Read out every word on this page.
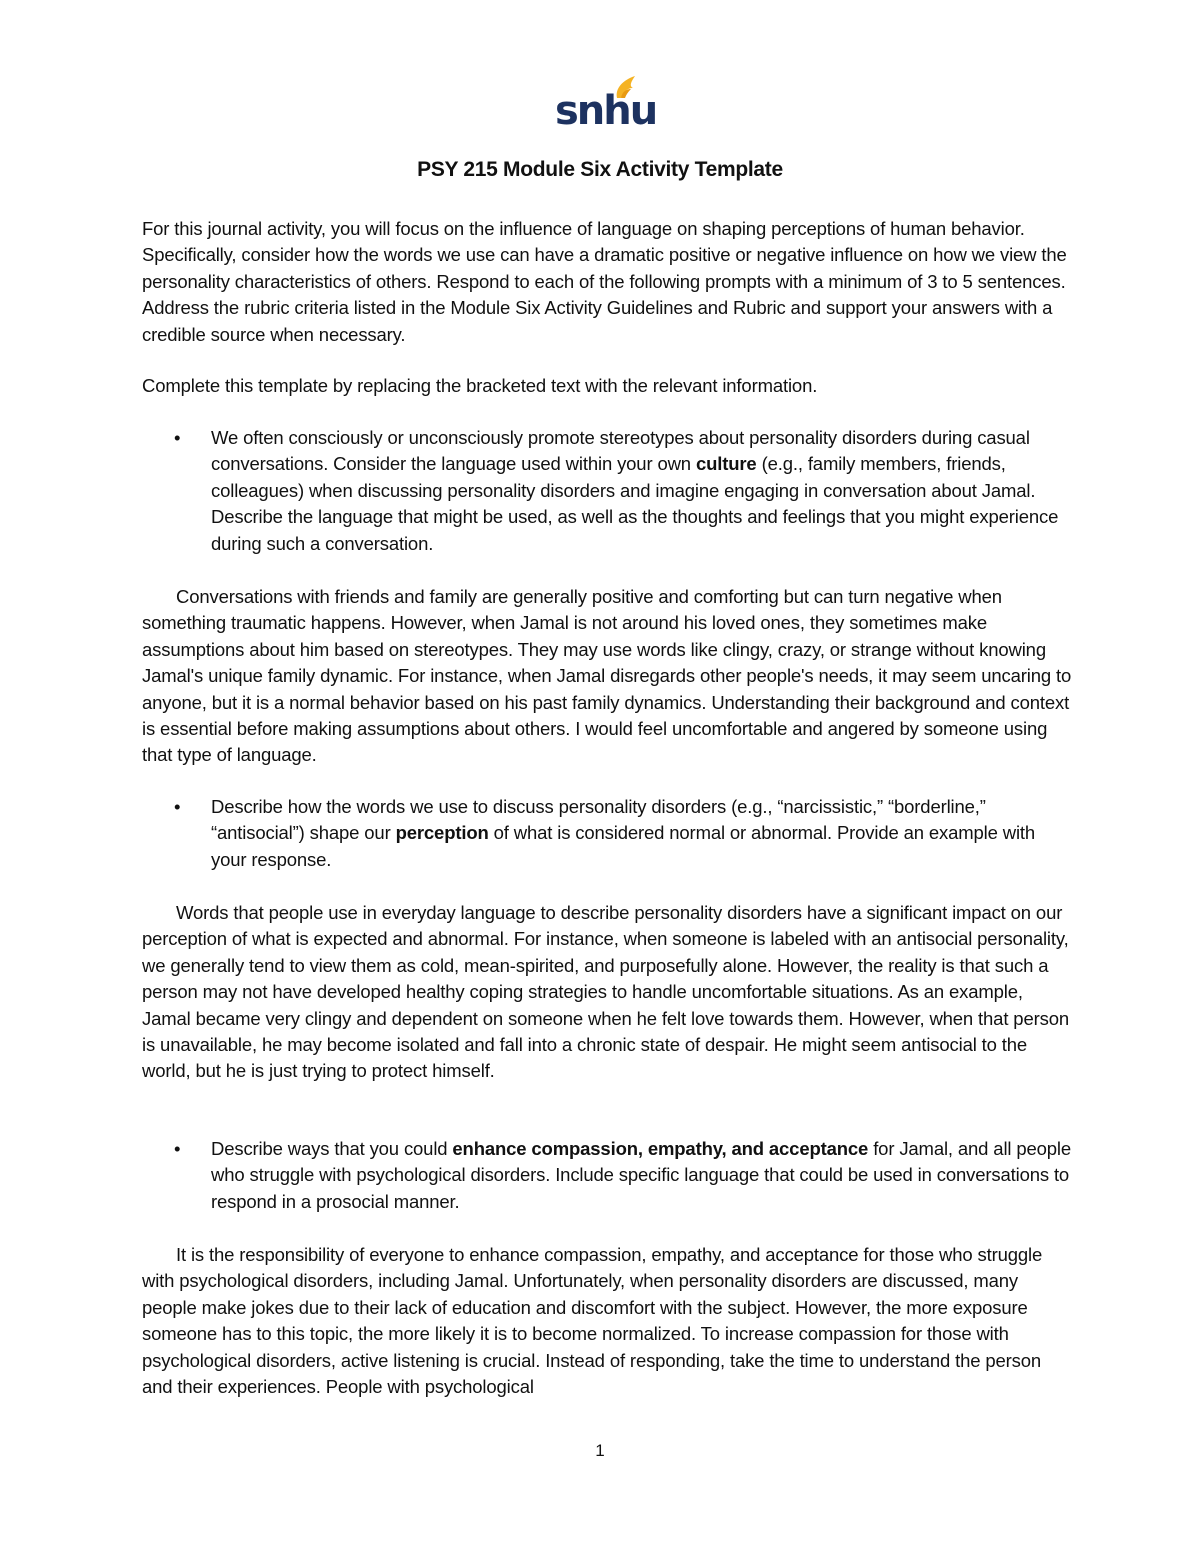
snhu
PSY 215 Module Six Activity Template

For this journal activity, you will focus on the influence of language on shaping perceptions of human behavior. Specifically, consider how the words we use can have a dramatic positive or negative influence on how we view the personality characteristics of others. Respond to each of the following prompts with a minimum of 3 to 5 sentences. Address the rubric criteria listed in the Module Six Activity Guidelines and Rubric and support your answers with a credible source when necessary.

Complete this template by replacing the bracketed text with the relevant information.

• We often consciously or unconsciously promote stereotypes about personality disorders during casual conversations. Consider the language used within your own culture (e.g., family members, friends, colleagues) when discussing personality disorders and imagine engaging in conversation about Jamal. Describe the language that might be used, as well as the thoughts and feelings that you might experience during such a conversation.

Conversations with friends and family are generally positive and comforting but can turn negative when something traumatic happens. However, when Jamal is not around his loved ones, they sometimes make assumptions about him based on stereotypes. They may use words like clingy, crazy, or strange without knowing Jamal's unique family dynamic. For instance, when Jamal disregards other people's needs, it may seem uncaring to anyone, but it is a normal behavior based on his past family dynamics. Understanding their background and context is essential before making assumptions about others. I would feel uncomfortable and angered by someone using that type of language.

• Describe how the words we use to discuss personality disorders (e.g., “narcissistic,” “borderline,” “antisocial”) shape our perception of what is considered normal or abnormal. Provide an example with your response.

Words that people use in everyday language to describe personality disorders have a significant impact on our perception of what is expected and abnormal. For instance, when someone is labeled with an antisocial personality, we generally tend to view them as cold, mean-spirited, and purposefully alone. However, the reality is that such a person may not have developed healthy coping strategies to handle uncomfortable situations. As an example, Jamal became very clingy and dependent on someone when he felt love towards them. However, when that person is unavailable, he may become isolated and fall into a chronic state of despair. He might seem antisocial to the world, but he is just trying to protect himself.

• Describe ways that you could enhance compassion, empathy, and acceptance for Jamal, and all people who struggle with psychological disorders. Include specific language that could be used in conversations to respond in a prosocial manner.

It is the responsibility of everyone to enhance compassion, empathy, and acceptance for those who struggle with psychological disorders, including Jamal. Unfortunately, when personality disorders are discussed, many people make jokes due to their lack of education and discomfort with the subject. However, the more exposure someone has to this topic, the more likely it is to become normalized. To increase compassion for those with psychological disorders, active listening is crucial. Instead of responding, take the time to understand the person and their experiences. People with psychological

1
